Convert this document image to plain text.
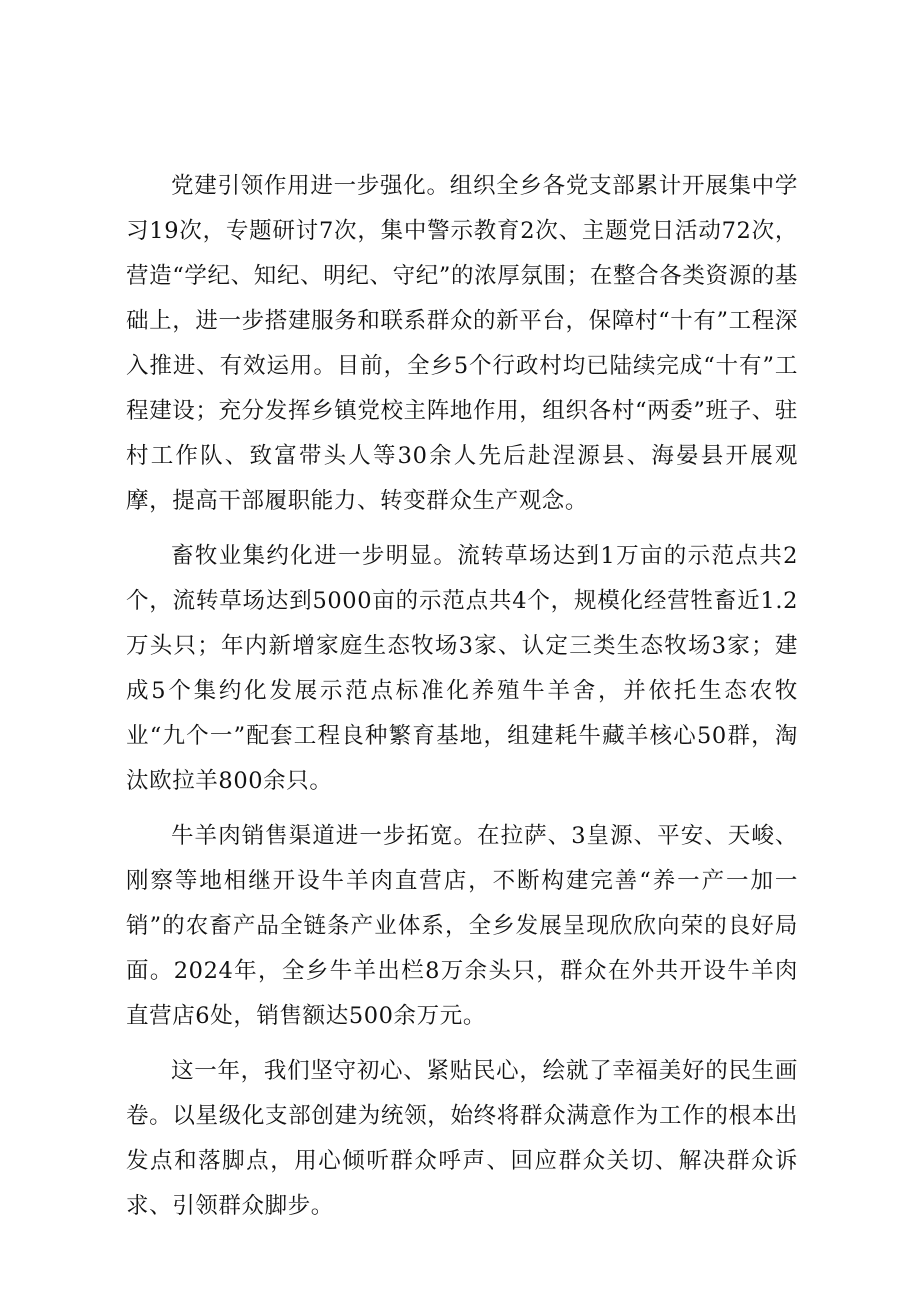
党建引领作用进一步强化。组织全乡各党支部累计开展集中学习19次，专题研讨7次，集中警示教育2次、主题党日活动72次，营造“学纪、知纪、明纪、守纪”的浓厚氛围；在整合各类资源的基础上，进一步搭建服务和联系群众的新平台，保障村“十有”工程深入推进、有效运用。目前，全乡5个行政村均已陆续完成“十有”工程建设；充分发挥乡镇党校主阵地作用，组织各村“两委”班子、驻村工作队、致富带头人等30余人先后赴涅源县、海晏县开展观摩，提高干部履职能力、转变群众生产观念。

畜牧业集约化进一步明显。流转草场达到1万亩的示范点共2个，流转草场达到5000亩的示范点共4个，规模化经营牲畜近1.2万头只；年内新增家庭生态牧场3家、认定三类生态牧场3家；建成5个集约化发展示范点标准化养殖牛羊舍，并依托生态农牧业“九个一”配套工程良种繁育基地，组建耗牛藏羊核心50群，淘汰欧拉羊800余只。

牛羊肉销售渠道进一步拓宽。在拉萨、3皇源、平安、天峻、刚察等地相继开设牛羊肉直营店，不断构建完善“养一产一加一销”的农畜产品全链条产业体系，全乡发展呈现欣欣向荣的良好局面。2024年，全乡牛羊出栏8万余头只，群众在外共开设牛羊肉直营店6处，销售额达500余万元。

这一年，我们坚守初心、紧贴民心，绘就了幸福美好的民生画卷。以星级化支部创建为统领，始终将群众满意作为工作的根本出发点和落脚点，用心倾听群众呼声、回应群众关切、解决群众诉求、引领群众脚步。
